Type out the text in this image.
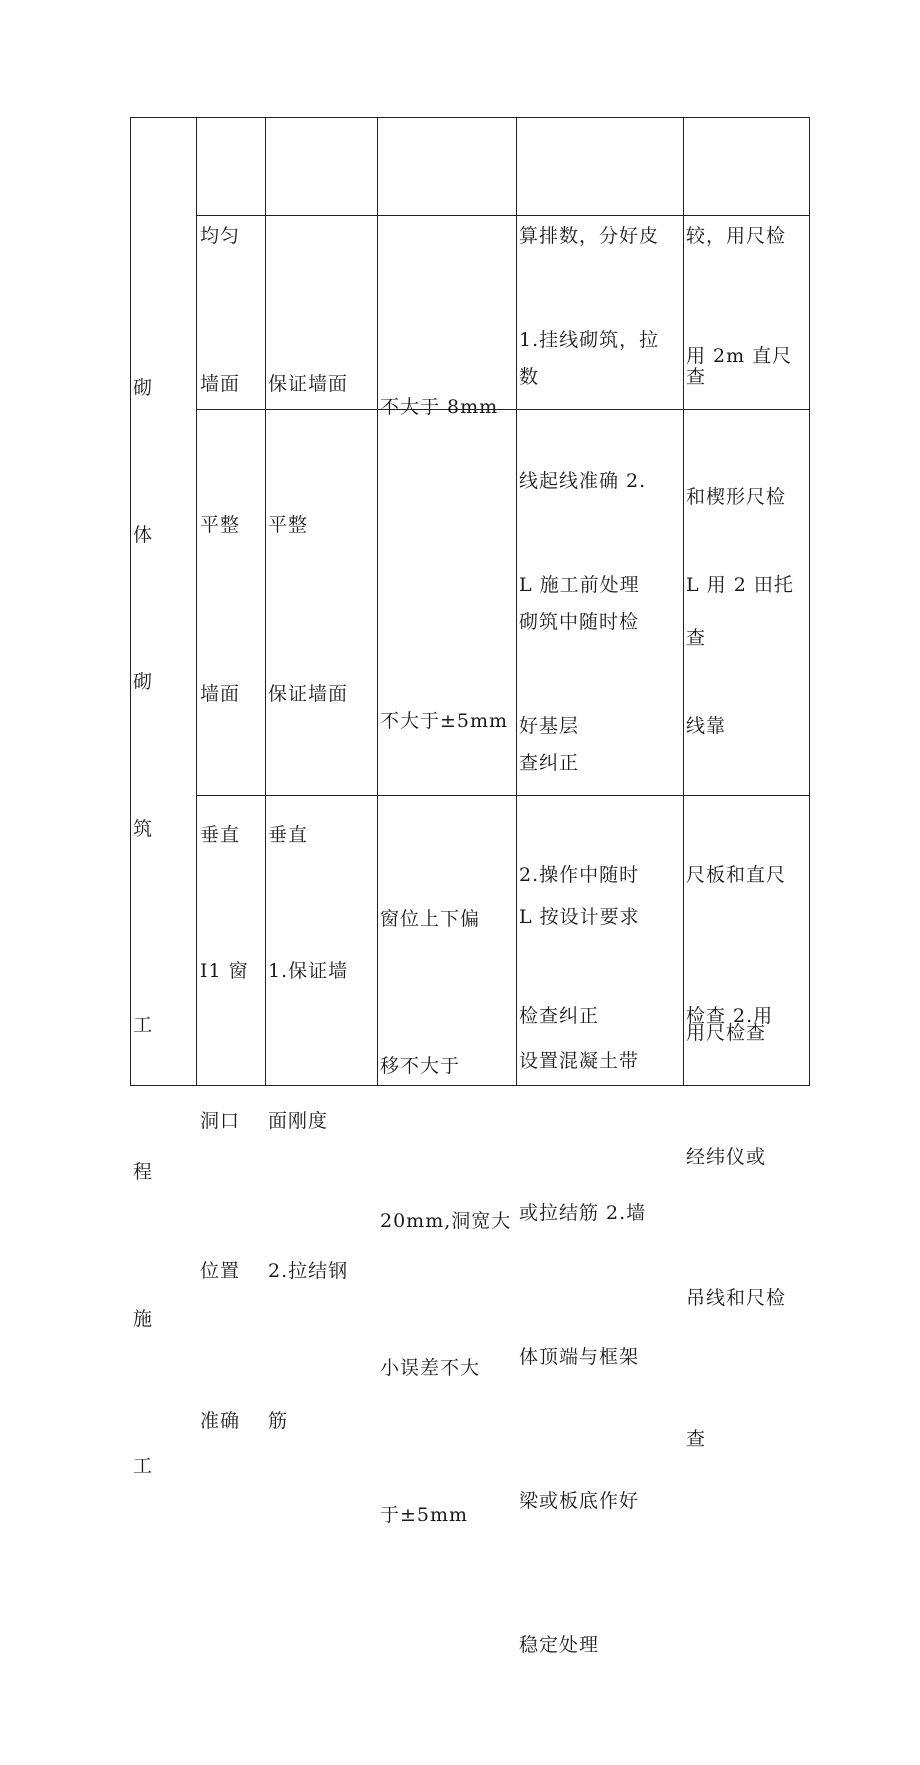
砌

体

砌

筑

工

程

施

工

均匀

	算排数，分好皮

数

较，用尺检

查

墙面

平整

保证墙面

平整

不大于 8mm

1.挂线砌筑，拉

线起线准确 2.

砌筑中随时检

查纠正

用 2m 直尺

和楔形尺检

查

墙面

垂直

保证墙面

垂直

不大于±5mm

L 施工前处理

好基层

2.操作中随时

检查纠正

L 用 2 田托

线靠

尺板和直尺

检查 2.用

经纬仪或

吊线和尺检

查

I1 窗

洞口

位置

准确

1.保证墙

面刚度

2.拉结钢

筋

窗位上下偏

移不大于

20mm,洞宽大

小误差不大

于±5mm

L 按设计要求

设置混凝土带

或拉结筋 2.墙

体顶端与框架

梁或板底作好

稳定处理

用尺检查
